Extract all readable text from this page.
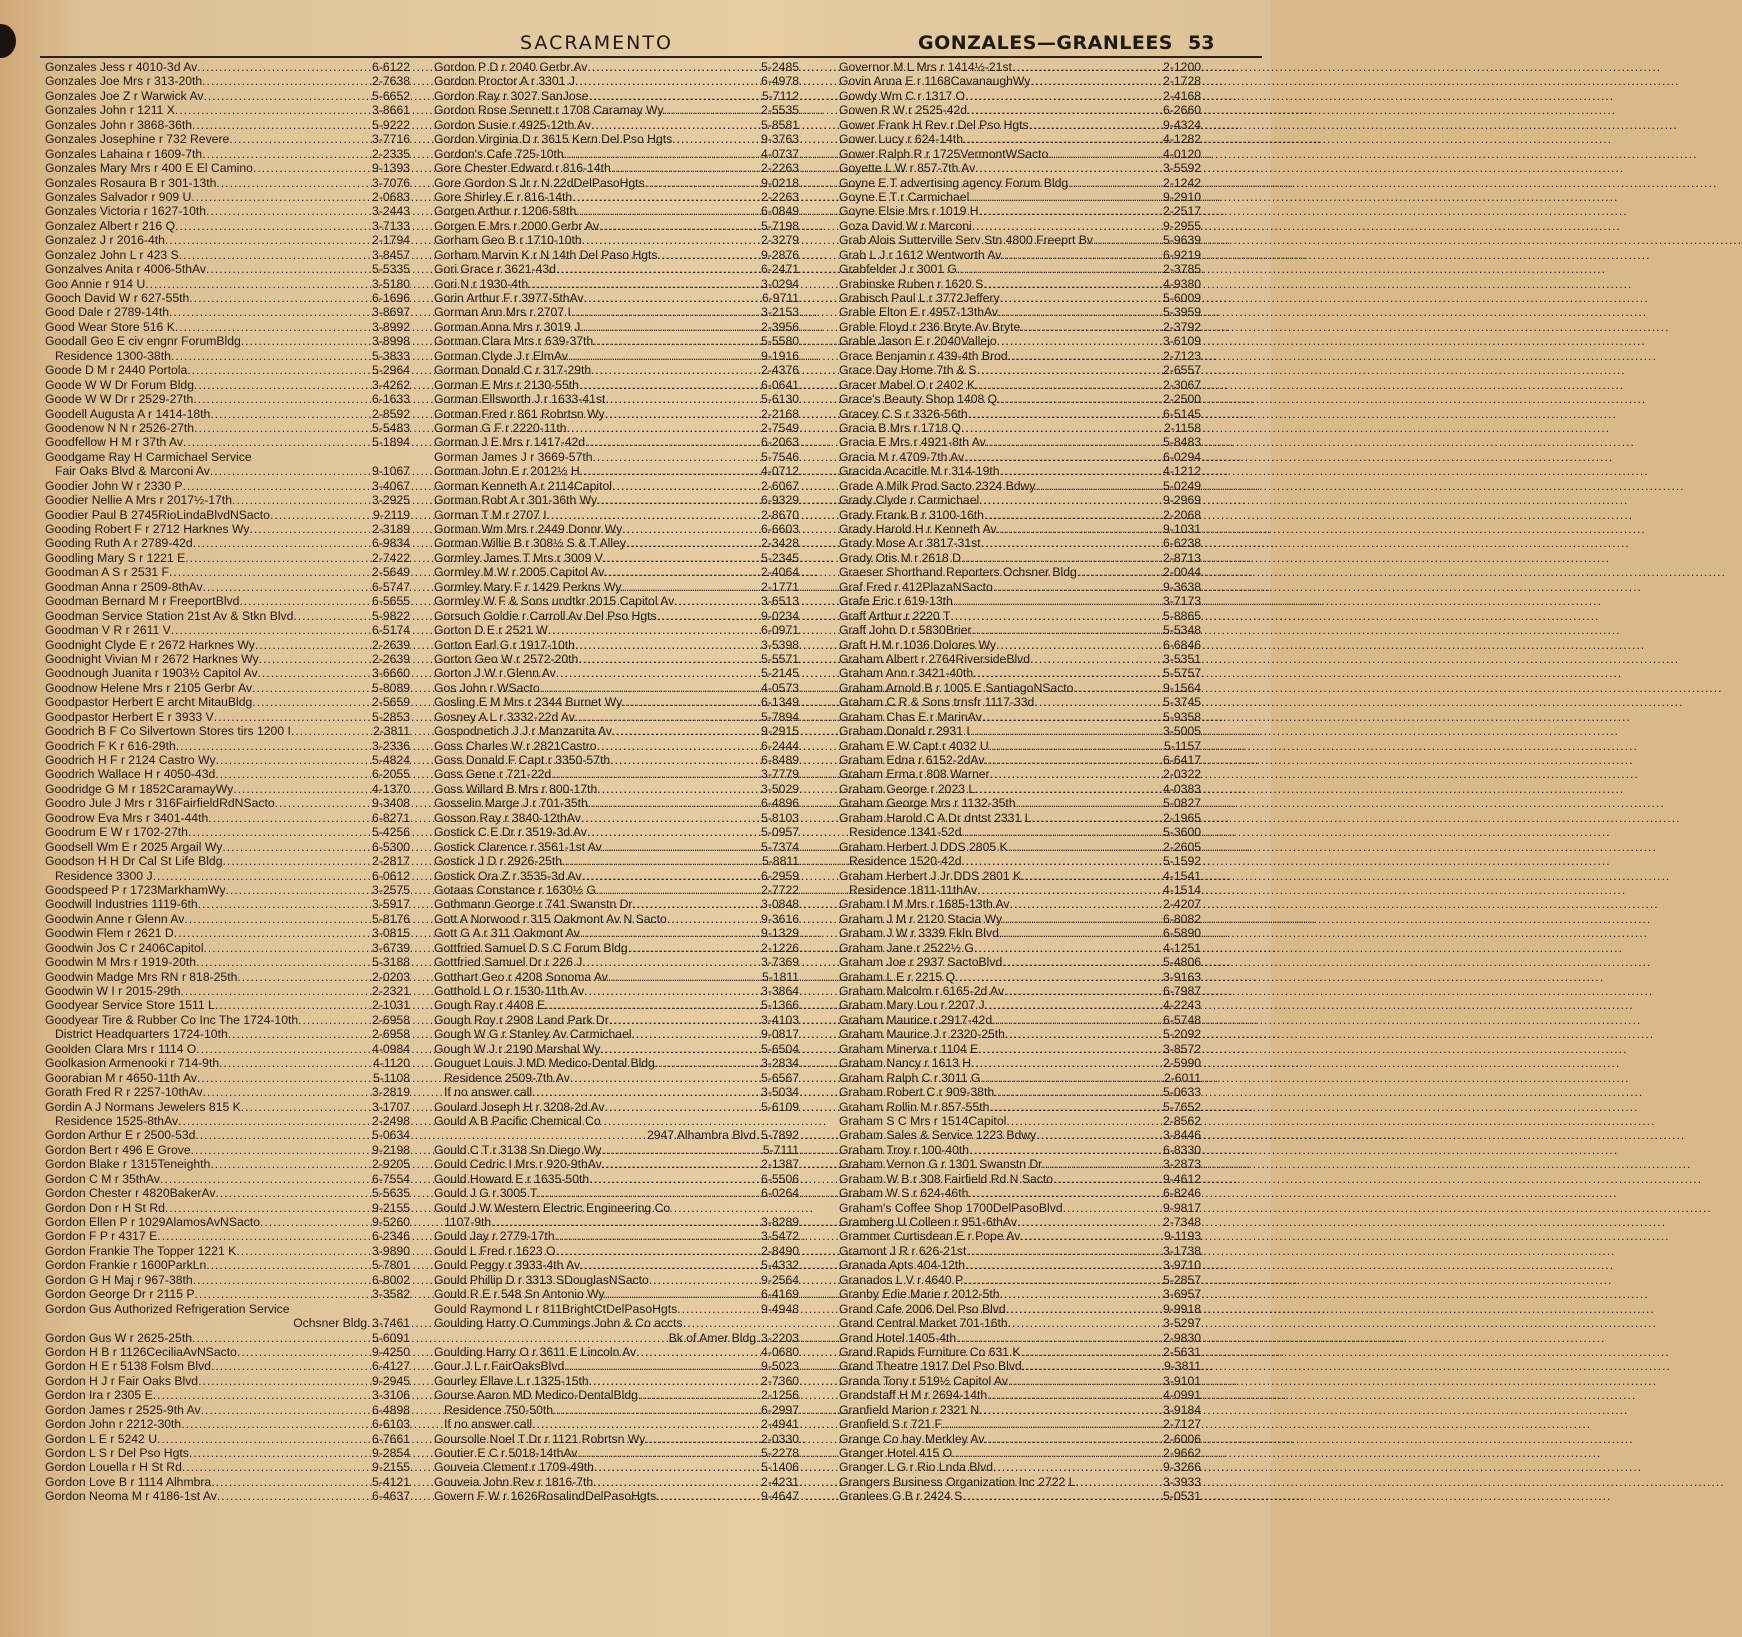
SACRAMENTO	GONZALES—GRANLEES 53
Gonzales Jess r 4010-3d Av .....	6-6122
Gonzales Joe Mrs r 313-20th .....	2-7638
Gonzales Joe Z r Warwick Av .....	5-6652
Gonzales John r 1211 X .....	3-8661
Gonzales John r 3868-36th .....	5-9222
Gonzales Josephine r 732 Revere .....	3-7716
Gonzales Lahaina r 1609-7th .....	2-2335
Gonzales Mary Mrs r 400 E El Camino .....	9-1393
Gonzales Rosaura B r 301-13th .....	3-7076
Gonzales Salvador r 909 U .....	2-0683
Gonzales Victoria r 1627-10th .....	3-2443
Gonzalez Albert r 216 Q .....	3-7133
Gonzalez J r 2016-4th .....	2-1794
Gonzalez John L r 423 S .....	3-8457
Gonzalves Anita r 4006-5thAv .....	5-5335
Goo Annie r 914 U .....	3-5180
Gooch David W r 627-55th .....	6-1696
Good Dale r 2789-14th .....	3-8697
Good Wear Store 516 K .....	3-8992
Goodall Geo E civ engnr ForumBldg .....	3-8998
Residence 1300-38th .....	5-3833
Goode D M r 2440 Portola .....	5-2964
Goode W W Dr Forum Bldg .....	3-4262
Goode W W Dr r 2529-27th .....	6-1633
Goodell Augusta A r 1414-18th .....	2-8592
Goodenow N N r 2526-27th .....	5-5483
Goodfellow H M r 37th Av .....	5-1894
Goodgame Ray H Carmichael Service
Fair Oaks Blvd & Marconi Av .....	9-1067
Goodier John W r 2330 P .....	3-4067
Goodier Nellie A Mrs r 2017½-17th .....	3-2925
Goodier Paul B 2745RioLindaBlvdNSacto .....	9-2119
Gooding Robert F r 2712 Harknes Wy .....	2-3189
Gooding Ruth A r 2789-42d .....	6-9834
Goodling Mary S r 1221 E .....	2-7422
Goodman A S r 2531 F .....	2-5649
Goodman Anna r 2509-8thAv .....	6-5747
Goodman Bernard M r FreeportBlvd .....	6-5655
Goodman Service Station 21st Av & Stkn Blvd .....	5-9822
Goodman V R r 2611 V .....	6-5174
Goodnight Clyde E r 2672 Harknes Wy .....	2-2639
Goodnight Vivian M r 2672 Harknes Wy .....	2-2639
Goodnough Juanita r 1903½ Capitol Av .....	3-6660
Goodnow Helene Mrs r 2105 Gerbr Av .....	5-8089
Goodpastor Herbert E archt MitauBldg .....	2-5659
Goodpastor Herbert E r 3933 V .....	5-2853
Goodrich B F Co Silvertown Stores tirs 1200 I .....	2-3811
Goodrich F K r 616-29th .....	3-2336
Goodrich H F r 2124 Castro Wy .....	5-4824
Goodrich Wallace H r 4050-43d .....	6-2055
Goodridge G M r 1852CaramayWy .....	4-1370
Goodro Jule J Mrs r 316FairfieldRdNSacto .....	9-3408
Goodrow Eva Mrs r 3401-44th .....	6-8271
Goodrum E W r 1702-27th .....	5-4256
Goodsell Wm E r 2025 Argail Wy .....	6-5300
Goodson H H Dr Cal St Life Bldg .....	2-2817
Residence 3300 J .....	6-0612
Goodspeed P r 1723MarkhamWy .....	3-2575
Goodwill Industries 1119-6th .....	3-5917
Goodwin Anne r Glenn Av .....	5-8176
Goodwin Flem r 2621 D .....	3-0815
Goodwin Jos C r 2406Capitol .....	3-6739
Goodwin M Mrs r 1919-20th .....	5-3188
Goodwin Madge Mrs RN r 818-25th .....	2-0203
Goodwin W I r 2015-29th .....	2-2321
Goodyear Service Store 1511 L .....	2-1031
Goodyear Tire & Rubber Co Inc The 1724-10th .....	2-6958
District Headquarters 1724-10th .....	2-6958
Goolden Clara Mrs r 1114 O .....	4-0984
Goolkasion Armenooki r 714-9th .....	4-1120
Goorabian M r 4650-11th Av .....	5-1108
Gorath Fred R r 2257-10thAv .....	3-2819
Gordin A J Normans Jewelers 815 K .....	3-1707
Residence 1525-8thAv .....	2-2498
Gordon Arthur E r 2500-53d .....	5-0634
Gordon Bert r 496 E Grove .....	9-2198
Gordon Blake r 1315Teneighth .....	2-9205
Gordon C M r 35thAv .....	6-7554
Gordon Chester r 4820BakerAv .....	5-5635
Gordon Don r H St Rd .....	9-2155
Gordon Ellen P r 1029AlamosAvNSacto .....	9-5260
Gordon F P r 4317 E .....	6-2346
Gordon Frankie The Topper 1221 K .....	3-9890
Gordon Frankie r 1600ParkLn .....	5-7801
Gordon G H Maj r 967-38th .....	6-8002
Gordon George Dr r 2115 P .....	3-3582
Gordon Gus Authorized Refrigeration Service
Ochsner Bldg ..... 3-7461
Gordon Gus W r 2625-25th .....	5-6091
Gordon H B r 1126CeciliaAvNSacto .....	9-4250
Gordon H E r 5138 Folsm Blvd .....	6-4127
Gordon H J r Fair Oaks Blvd .....	9-2945
Gordon Ira r 2305 E .....	3-3106
Gordon James r 2525-9th Av .....	6-4898
Gordon John r 2212-30th .....	6-6103
Gordon L E r 5242 U .....	6-7661
Gordon L S r Del Pso Hgts .....	9-2854
Gordon Louella r H St Rd .....	9-2155
Gordon Love B r 1114 Alhmbra .....	5-4121
Gordon Neoma M r 4186-1st Av .....	6-4637
Gordon P D r 2040 Gerbr Av .....	5-2485
Gordon Proctor A r 3301 J .....	6-4978
Gordon Ray r 3027 SanJose .....	5-7112
Gordon Rose Sennett r 1708 Caramay Wy .....	2-5535
Gordon Susie r 4925-12th Av .....	5-8581
Gordon Virginia D r 3615 Kern Del Pso Hgts .....	9-3763
Gordon's Cafe 725-10th .....	4-0737
Gore Chester Edward r 816-14th .....	2-2263
Gore Gordon S Jr r N 22dDelPasoHgts .....	9-0218
Gore Shirley E r 816-14th .....	2-2263
Gorgen Arthur r 1206-58th .....	6-0849
Gorgen E Mrs r 2000 Gerbr Av .....	5-7198
Gorham Geo B r 1710-10th .....	2-3279
Gorham Marvin K r N 14th Del Paso Hgts .....	9-2876
Gori Grace r 3621-43d .....	6-2471
Gori N r 1930-4th .....	3-0294
Gorin Arthur F r 3977-5thAv .....	6-9711
Gorman Ann Mrs r 2707 I .....	3-2153
Gorman Anna Mrs r 3019 J .....	2-3956
Gorman Clara Mrs r 639-37th .....	5-5580
Gorman Clyde J r ElmAv .....	9-1916
Gorman Donald C r 317-29th .....	2-4376
Gorman E Mrs r 2130-55th .....	6-0641
Gorman Ellsworth J r 1633-41st .....	5-6130
Gorman Fred r 861 Robrtsn Wy .....	2-2168
Gorman G F r 2220-11th .....	2-7549
Gorman J E Mrs r 1417-42d .....	6-2063
Gorman James J r 3669-57th .....	5-7546
Gorman John E r 2012½ H .....	4-0712
Gorman Kenneth A r 2114Capitol .....	2-6067
Gorman Robt A r 301-36th Wy .....	6-9329
Gorman T M r 2707 I .....	2-8670
Gorman Wm Mrs r 2449 Donnr Wy .....	6-6603
Gorman Willie B r 308½ S & T Alley .....	2-3428
Gormley James T Mrs r 3009 V .....	5-2345
Gormley M W r 2005 Capitol Av .....	2-4064
Gormley Mary F r 1429 Perkns Wy .....	2-1771
Gormley W F & Sons undtkr 2015 Capitol Av .....	3-6513
Gorsuch Goldie r Carroll Av Del Pso Hgts .....	9-0234
Gorton D E r 2521 W .....	6-0971
Gorton Earl G r 1917-10th .....	3-5398
Gorton Geo W r 2572-20th .....	5-5571
Gorton J W r Glenn Av .....	5-2145
Gos John r WSacto .....	4-0573
Gosling E M Mrs r 2344 Burnet Wy .....	6-1349
Gosney A L r 3332-22d Av .....	5-7894
Gospodnetich J J r Manzanita Av .....	9-2915
Goss Charles W r 2821Castro .....	6-2444
Goss Donald F Capt r 3350-57th .....	6-8489
Goss Gene r 721-22d .....	3-7779
Goss Willard B Mrs r 800-17th .....	3-5029
Gosselin Marge J r 701-35th .....	6-4896
Gosson Ray r 3840-12thAv .....	5-8103
Gostick C E Dr r 3519-3d Av .....	5-0957
Gostick Clarence r 3561-1st Av .....	5-7374
Gostick J D r 2926-25th .....	5-8811
Gostick Ora Z r 3535-3d Av .....	6-2959
Gotaas Constance r 1630½ G .....	2-7722
Gothmann George r 741 Swanstn Dr .....	3-0848
Gott A Norwood r 315 Oakmont Av N Sacto .....	9-3616
Gott G A r 311 Oakmont Av .....	9-1329
Gottfried Samuel D S C Forum Bldg .....	2-1226
Gottfried Samuel Dr r 226 J .....	3-7369
Gotthart Geo r 4208 Sonoma Av .....	5-1811
Gotthold L O r 1530-11th Av .....	3-3864
Gough Ray r 4408 E .....	5-1366
Gough Roy r 2908 Land Park Dr .....	3-4103
Gough W G r Stanley Av Carmichael .....	9-0817
Gough W J r 2190 Marshal Wy .....	5-6504
Gouguet Louis J MD Medico-Dental Bldg .....	3-2834
Residence 2509-7th Av .....	5-6567
If no answer call .....	3-5034
Goulard Joseph H r 3208-2d Av .....	5-6109
Gould A B Pacific Chemical Co
2947 Alhambra Blvd ..... 5-7892
Gould C T r 3138 Sn Diego Wy .....	5-7111
Gould Cedric I Mrs r 920-9thAv .....	2-1387
Gould Howard E r 1635-50th .....	6-5506
Gould J G r 3005 T .....	6-0264
Gould J W Western Electric Engineering Co
1107-9th .....	3-8289
Gould Jay r 2779-17th .....	3-5472
Gould L Fred r 1623 O .....	2-8490
Gould Peggy r 3933-4th Av .....	5-4332
Gould Phillip D r 3313 SDouglasNSacto .....	9-2564
Gould R E r 548 Sn Antonio Wy .....	6-4169
Gould Raymond L r 811BrightCtDelPasoHgts .....	9-4948
Goulding Harry O Cummings John & Co accts
Bk of Amer Bldg ..... 3-2203
Goulding Harry O r 3611 E Lincoln Av .....	4-0680
Gour J L r FairOaksBlvd .....	9-5023
Gourley Ellave L r 1325-15th .....	2-7360
Gourse Aaron MD Medico-DentalBldg .....	2-1256
Residence 750-50th .....	6-2997
If no answer call .....	2-4941
Goursolle Noel T Dr r 1121 Robrtsn Wy .....	2-0330
Goutier E C r 5018-14thAv .....	5-2278
Gouveia Clement r 1709-49th .....	5-1406
Gouveia John Rev r 1816-7th .....	2-4231
Govern F W r 1626RosalindDelPasoHgts .....	9-4647
Governor M L Mrs r 1414½-21st .....	2-1200
Govin Anna E r 1168CavanaughWy .....	2-1728
Gowdy Wm C r 1317 O .....	2-4168
Gowen R W r 2525-42d .....	6-2660
Gower Frank H Rev r Del Pso Hgts .....	9-4324
Gower Lucy r 624-14th .....	4-1282
Gower Ralph R r 1725VermontWSacto .....	4-0120
Goyette L W r 857-7th Av .....	3-5592
Goyne E T advertising agency Forum Bldg .....	2-1242
Goyne E T r Carmichael .....	9-2910
Goyne Elsie Mrs r 1019 H .....	2-2517
Goza David W r Marconi .....	9-2955
Grab Alois Sutterville Serv Stn 4800 Freeprt Bv .....	5-9639
Grab L J r 1612 Wentworth Av .....	6-9219
Grabfelder J r 3001 G .....	2-3785
Grabinske Ruben r 1620 S .....	4-9380
Grabisch Paul L r 3772Jeffery .....	5-6009
Grable Elton E r 4957-13thAv .....	5-3959
Grable Floyd r 236 Bryte Av Bryte .....	2-3792
Grable Jason E r 2040Vallejo .....	3-6109
Grace Benjamin r 439-4th Brod .....	2-7123
Grace Day Home 7th & S .....	2-6557
Gracer Mabel O r 2402 K .....	2-3067
Grace's Beauty Shop 1408 Q .....	2-2500
Gracey C S r 3326-56th .....	6-5145
Gracia B Mrs r 1718 Q .....	2-1158
Gracia E Mrs r 4921-8th Av .....	5-8483
Gracia M r 4709-7th Av .....	6-0294
Gracida Acacitle M r 314-19th .....	4-1212
Grade A Milk Prod Sacto 2324 Bdwy .....	5-0249
Grady Clyde r Carmichael .....	9-2969
Grady Frank B r 3100-16th .....	2-2068
Grady Harold H r Kenneth Av .....	9-1031
Grady Mose A r 3817-31st .....	6-6238
Grady Otis M r 2618 D .....	2-8713
Graeser Shorthand Reporters Ochsner Bldg .....	2-0044
Graf Fred r 412PlazaNSacto .....	9-3638
Grafe Eric r 619-13th .....	3-7173
Graff Arthur r 2220 T .....	5-8865
Graff John D r 5830Brier .....	5-5348
Graft H M r 1036 Dolores Wy .....	6-6846
Graham Albert r 2764RiversideBlvd .....	3-5351
Graham Ann r 3421-40th .....	5-5757
Graham Arnold B r 1005 E SantiagoNSacto .....	9-1564
Graham C R & Sons trnsfr 1117-33d .....	5-3745
Graham Chas E r MarinAv .....	5-9358
Graham Donald r 2931 I .....	3-5005
Graham E W Capt r 4032 U .....	5-1157
Graham Edna r 6152-2dAv .....	6-6417
Graham Erma r 808 Warner .....	2-0322
Graham George r 2023 L .....	4-0383
Graham George Mrs r 1132-35th .....	5-0827
Graham Harold C A Dr dntst 2331 L .....	2-1965
Residence 1341-52d .....	5-3600
Graham Herbert J DDS 2805 K .....	2-2605
Residence 1520-42d .....	5-1592
Graham Herbert J Jr DDS 2801 K .....	4-1541
Residence 1811-11thAv .....	4-1514
Graham I M Mrs r 1685-13th Av .....	2-4207
Graham J M r 2120 Stacia Wy .....	6-8082
Graham J W r 3339 Fkln Blvd .....	6-5890
Graham Jane r 2522½ G .....	4-1251
Graham Joe r 2937 SactoBlvd .....	5-4806
Graham L E r 2215 Q .....	3-9163
Graham Malcolm r 6165-2d Av .....	6-7987
Graham Mary Lou r 2207 J .....	4-2243
Graham Maurice r 2917-42d .....	6-5748
Graham Maurice J r 2320-25th .....	5-2092
Graham Minerva r 1104 E .....	3-8572
Graham Nancy r 1613 H .....	2-5990
Graham Ralph C r 3011 G .....	2-6011
Graham Robert C r 909-38th .....	5-0633
Graham Rollin M r 857-55th .....	5-7652
Graham S C Mrs r 1514Capitol .....	2-8562
Graham Sales & Service 1223 Bdwy .....	3-8446
Graham Troy r 100-40th .....	6-8330
Graham Vernon G r 1301 Swanstn Dr .....	3-2873
Graham W B r 308 Fairfield Rd N Sacto .....	9-4612
Graham W S r 624-46th .....	6-8246
Graham's Coffee Shop 1700DelPasoBlvd .....	9-9817
Gramberg U Colleen r 951-6thAv .....	2-7348
Grammer Curtisdean E r Pope Av .....	9-1193
Gramont J R r 626-21st .....	3-1738
Granada Apts 404-12th .....	3-9710
Granados L V r 4640 P .....	5-2857
Granby Edie Marie r 2012-5th .....	3-6957
Grand Cafe 2006 Del Pso Blvd .....	9-9918
Grand Central Market 701-16th .....	3-5297
Grand Hotel 1405-4th .....	2-9830
Grand Rapids Furniture Co 631 K .....	2-5631
Grand Theatre 1917 Del Pso Blvd .....	9-3811
Granda Tony r 519½ Capitol Av .....	3-9101
Grandstaff H M r 2694-14th .....	4-0991
Granfield Marion r 2321 N .....	3-9184
Granfield S r 721 F .....	2-7127
Grange Co hay Merkley Av .....	2-6006
Granger Hotel 415 O .....	2-9662
Granger L G r Rio Lnda Blvd .....	9-3266
Grangers Business Organization Inc 2722 L .....	3-3933
Granlees G B r 2424 S .....	5-0531
